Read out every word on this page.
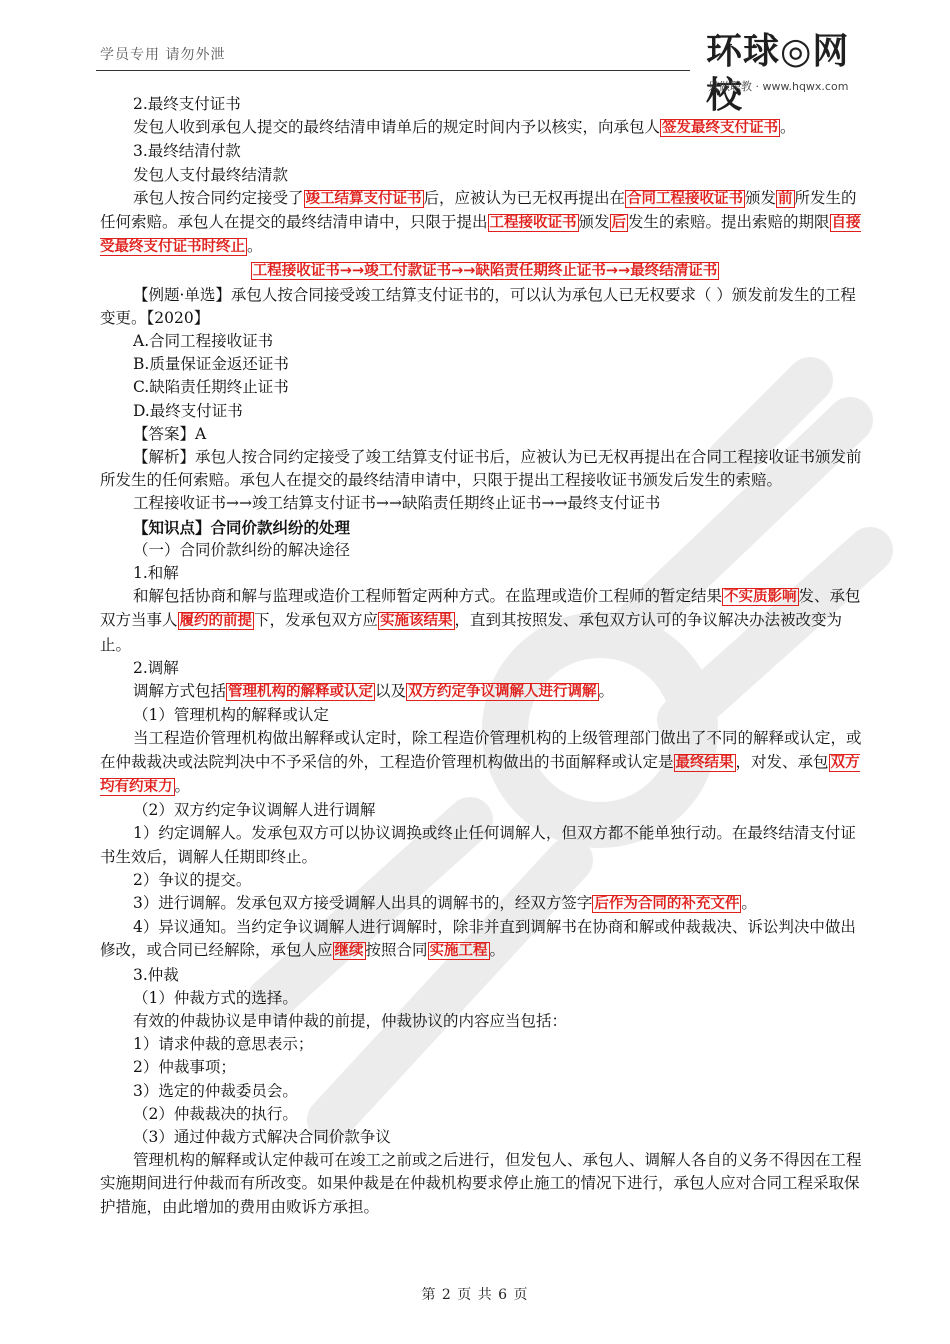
学员专用 请勿外泄	环球◎网校
只做职教 · www.hqwx.com

2.最终支付证书

发包人收到承包人提交的最终结清申请单后的规定时间内予以核实，向承包人 签发最终支付证书 。

3.最终结清付款

发包人支付最终结清款

承包人按合同约定接受了 竣工结算支付证书 后，应被认为已无权再提出在 合同工程接收证书 颁发 前 所发生的任何索赔。承包人在提交的最终结清申请中，只限于提出 工程接收证书 颁发 后 发生的索赔。提出索赔的期限 自接受最终支付证书时终止 。

工程接收证书→→竣工付款证书→→缺陷责任期终止证书→→最终结清证书

【例题·单选】承包人按合同接受竣工结算支付证书的，可以认为承包人已无权要求（ ）颁发前发生的工程变更。【2020】

A.合同工程接收证书

B.质量保证金返还证书

C.缺陷责任期终止证书

D.最终支付证书

【答案】A

【解析】承包人按合同约定接受了竣工结算支付证书后，应被认为已无权再提出在合同工程接收证书颁发前所发生的任何索赔。承包人在提交的最终结清申请中，只限于提出工程接收证书颁发后发生的索赔。

工程接收证书→→竣工结算支付证书→→缺陷责任期终止证书→→最终支付证书

【知识点】合同价款纠纷的处理

（一）合同价款纠纷的解决途径

1.和解

和解包括协商和解与监理或造价工程师暂定两种方式。在监理或造价工程师的暂定结果 不实质影响 发、承包双方当事人 履约的前提 下，发承包双方应 实施该结果 ，直到其按照发、承包双方认可的争议解决办法被改变为止。

2.调解

调解方式包括 管理机构的解释或认定 以及 双方约定争议调解人进行调解 。

（1）管理机构的解释或认定

当工程造价管理机构做出解释或认定时，除工程造价管理机构的上级管理部门做出了不同的解释或认定，或在仲裁裁决或法院判决中不予采信的外，工程造价管理机构做出的书面解释或认定是 最终结果 ，对发、承包 双方均有约束力 。

（2）双方约定争议调解人进行调解

1）约定调解人。发承包双方可以协议调换或终止任何调解人，但双方都不能单独行动。在最终结清支付证书生效后，调解人任期即终止。

2）争议的提交。

3）进行调解。发承包双方接受调解人出具的调解书的，经双方签字 后作为合同的补充文件 。

4）异议通知。当约定争议调解人进行调解时，除非并直到调解书在协商和解或仲裁裁决、诉讼判决中做出修改，或合同已经解除，承包人应 继续 按照合同 实施工程 。

3.仲裁

（1）仲裁方式的选择。

有效的仲裁协议是申请仲裁的前提，仲裁协议的内容应当包括：

1）请求仲裁的意思表示；

2）仲裁事项；

3）选定的仲裁委员会。

（2）仲裁裁决的执行。

（3）通过仲裁方式解决合同价款争议

管理机构的解释或认定仲裁可在竣工之前或之后进行，但发包人、承包人、调解人各自的义务不得因在工程实施期间进行仲裁而有所改变。如果仲裁是在仲裁机构要求停止施工的情况下进行，承包人应对合同工程采取保护措施，由此增加的费用由败诉方承担。

第 2 页 共 6 页
